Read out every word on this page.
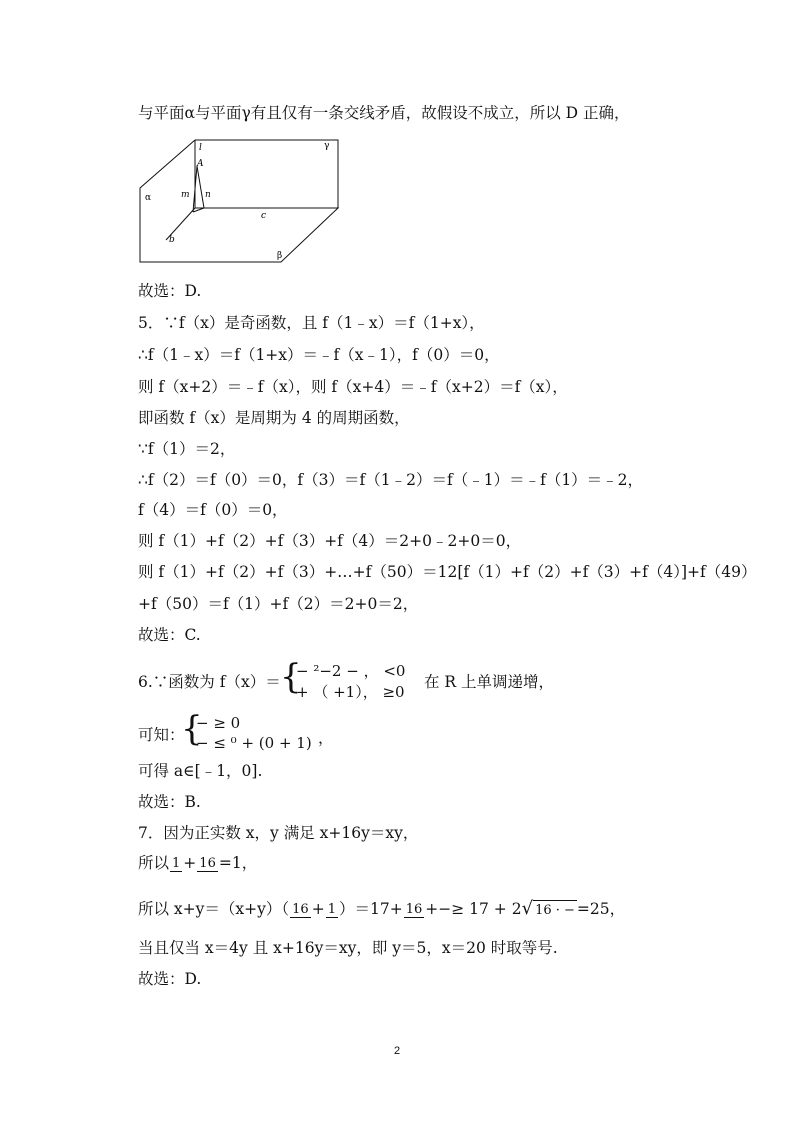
与平面α与平面γ有且仅有一条交线矛盾，故假设不成立，所以 D 正确，
l
A
γ
α	m n
c
b
β
故选：D.
5．∵f（x）是奇函数，且 f（1﹣x）＝f（1+x），
∴f（1﹣x）＝f（1+x）＝﹣f（x﹣1），f（0）＝0，
则 f（x+2）＝﹣f（x），则 f（x+4）＝﹣f（x+2）＝f（x），
即函数 f（x）是周期为 4 的周期函数，
∵f（1）＝2，
∴f（2）＝f（0）＝0，f（3）＝f（1﹣2）＝f（﹣1）＝﹣f（1）＝﹣2，
f（4）＝f（0）＝0，
则 f（1）+f（2）+f（3）+f（4）＝2+0﹣2+0＝0，
则 f（1）+f（2）+f（3）+…+f（50）＝12[f（1）+f（2）+f（3）+f（4）]+f（49）
+f（50）＝f（1）+f（2）＝2+0＝2，
故选：C.
6.∵函数为 f（x）＝ {
− ²−2 − ， <0
+ （ +1）， ≥0
在 R 上单调递增，
可知：
{
− ≥ 0
− ≤ ⁰ + (0 + 1) ，
可得 a∈[﹣1，0].
故选：B.
7．因为正实数 x，y 满足 x+16y＝xy，
所以 1 + 16 =1，
所以 x+y＝（x+y）（ 16 + 1 ）＝17+ 16 +−≥ 17 + 2√ 16 · − =25，
当且仅当 x＝4y 且 x+16y＝xy，即 y＝5，x＝20 时取等号.
故选：D.
2
